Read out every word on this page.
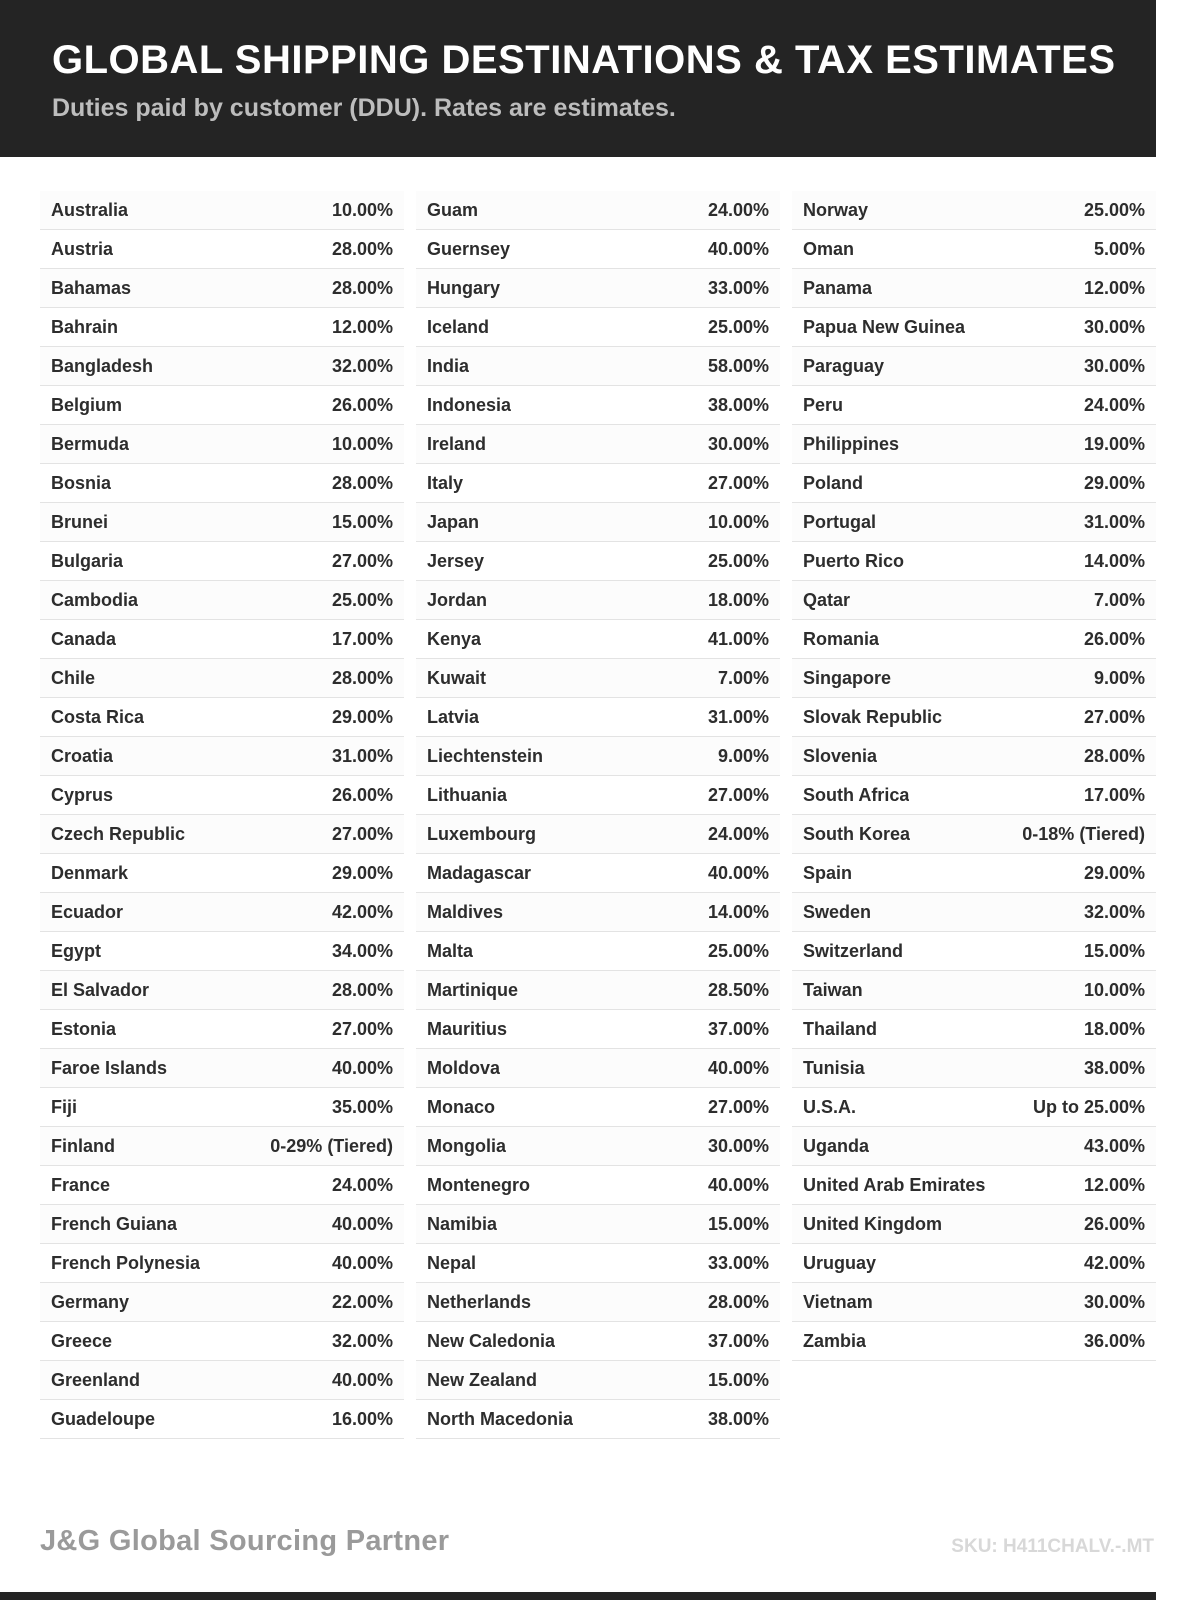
GLOBAL SHIPPING DESTINATIONS & TAX ESTIMATES

Duties paid by customer (DDU). Rates are estimates.

Australia	10.00%
Austria	28.00%
Bahamas	28.00%
Bahrain	12.00%
Bangladesh	32.00%
Belgium	26.00%
Bermuda	10.00%
Bosnia	28.00%
Brunei	15.00%
Bulgaria	27.00%
Cambodia	25.00%
Canada	17.00%
Chile	28.00%
Costa Rica	29.00%
Croatia	31.00%
Cyprus	26.00%
Czech Republic	27.00%
Denmark	29.00%
Ecuador	42.00%
Egypt	34.00%
El Salvador	28.00%
Estonia	27.00%
Faroe Islands	40.00%
Fiji	35.00%
Finland	0-29% (Tiered)
France	24.00%
French Guiana	40.00%
French Polynesia	40.00%
Germany	22.00%
Greece	32.00%
Greenland	40.00%
Guadeloupe	16.00%
Guam	24.00%
Guernsey	40.00%
Hungary	33.00%
Iceland	25.00%
India	58.00%
Indonesia	38.00%
Ireland	30.00%
Italy	27.00%
Japan	10.00%
Jersey	25.00%
Jordan	18.00%
Kenya	41.00%
Kuwait	7.00%
Latvia	31.00%
Liechtenstein	9.00%
Lithuania	27.00%
Luxembourg	24.00%
Madagascar	40.00%
Maldives	14.00%
Malta	25.00%
Martinique	28.50%
Mauritius	37.00%
Moldova	40.00%
Monaco	27.00%
Mongolia	30.00%
Montenegro	40.00%
Namibia	15.00%
Nepal	33.00%
Netherlands	28.00%
New Caledonia	37.00%
New Zealand	15.00%
North Macedonia	38.00%
Norway	25.00%
Oman	5.00%
Panama	12.00%
Papua New Guinea	30.00%
Paraguay	30.00%
Peru	24.00%
Philippines	19.00%
Poland	29.00%
Portugal	31.00%
Puerto Rico	14.00%
Qatar	7.00%
Romania	26.00%
Singapore	9.00%
Slovak Republic	27.00%
Slovenia	28.00%
South Africa	17.00%
South Korea	0-18% (Tiered)
Spain	29.00%
Sweden	32.00%
Switzerland	15.00%
Taiwan	10.00%
Thailand	18.00%
Tunisia	38.00%
U.S.A.	Up to 25.00%
Uganda	43.00%
United Arab Emirates	12.00%
United Kingdom	26.00%
Uruguay	42.00%
Vietnam	30.00%
Zambia	36.00%
J&G Global Sourcing Partner	SKU: H411CHALV.-.MT
